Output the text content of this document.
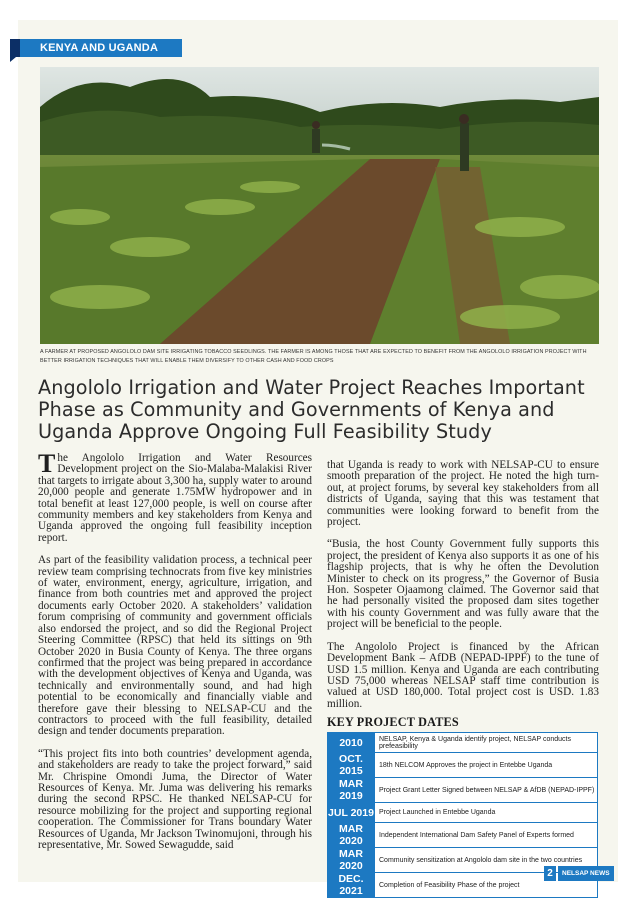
KENYA AND UGANDA
A FARMER AT PROPOSED ANGOLOLO DAM SITE IRRIGATING TOBACCO SEEDLINGS. THE FARMER IS AMONG THOSE THAT ARE EXPECTED TO BENEFIT FROM THE ANGOLOLO IRRIGATION PROJECT WITH BETTER IRRIGATION TECHNIQUES THAT WILL ENABLE THEM DIVERSIFY TO OTHER CASH AND FOOD CROPS
Angololo Irrigation and Water Project Reaches Important Phase as Community and Governments of Kenya and Uganda Approve Ongoing Full Feasibility Study

The Angololo Irrigation and Water Resources Development project on the Sio-Malaba-Malakisi River that targets to irrigate about 3,300 ha, supply water to around 20,000 people and generate 1.75MW hydropower and in total benefit at least 127,000 people, is well on course after community members and key stakeholders from Kenya and Uganda approved the ongoing full feasibility inception report.

As part of the feasibility validation process, a technical peer review team comprising technocrats from five key ministries of water, environment, energy, agriculture, irrigation, and finance from both countries met and approved the project documents early October 2020. A stakeholders’ validation forum comprising of community and government officials also endorsed the project, and so did the Regional Project Steering Committee (RPSC) that held its sittings on 9th October 2020 in Busia County of Kenya. The three organs confirmed that the project was being prepared in accordance with the development objectives of Kenya and Uganda, was technically and environmentally sound, and had high potential to be economically and financially viable and therefore gave their blessing to NELSAP-CU and the contractors to proceed with the full feasibility, detailed design and tender documents preparation.

“This project fits into both countries’ development agenda, and stakeholders are ready to take the project forward,” said Mr. Chrispine Omondi Juma, the Director of Water Resources of Kenya. Mr. Juma was delivering his remarks during the second RPSC. He thanked NELSAP-CU for resource mobilizing for the project and supporting regional cooperation. The Commissioner for Trans boundary Water Resources of Uganda, Mr Jackson Twinomujoni, through his representative, Mr. Sowed Sewagudde, said

that Uganda is ready to work with NELSAP-CU to ensure smooth preparation of the project. He noted the high turn-out, at project forums, by several key stakeholders from all districts of Uganda, saying that this was testament that communities were looking forward to benefit from the project.

“Busia, the host County Government fully supports this project, the president of Kenya also supports it as one of his flagship projects, that is why he often the Devolution Minister to check on its progress,” the Governor of Busia Hon. Sospeter Ojaamong claimed. The Governor said that he had personally visited the proposed dam sites together with his county Government and was fully aware that the project will be beneficial to the people.

The Angololo Project is financed by the African Development Bank – AfDB (NEPAD-IPPF) to the tune of USD 1.5 million. Kenya and Uganda are each contributing USD 75,000 whereas NELSAP staff time contribution is valued at USD 180,000. Total project cost is USD. 1.83 million.

KEY PROJECT DATES
2010	NELSAP, Kenya & Uganda identify project, NELSAP conducts prefeasibility
OCT. 2015	18th NELCOM Approves the project in Entebbe Uganda
MAR 2019	Project Grant Letter Signed between NELSAP & AfDB (NEPAD-IPPF)
JUL 2019	Project Launched in Entebbe Uganda
MAR 2020	Independent International Dam Safety Panel of Experts formed
MAR 2020	Community sensitization at Angololo dam site in the two countries
DEC. 2021	Completion of Feasibility Phase of the project
2	NELSAP NEWS
